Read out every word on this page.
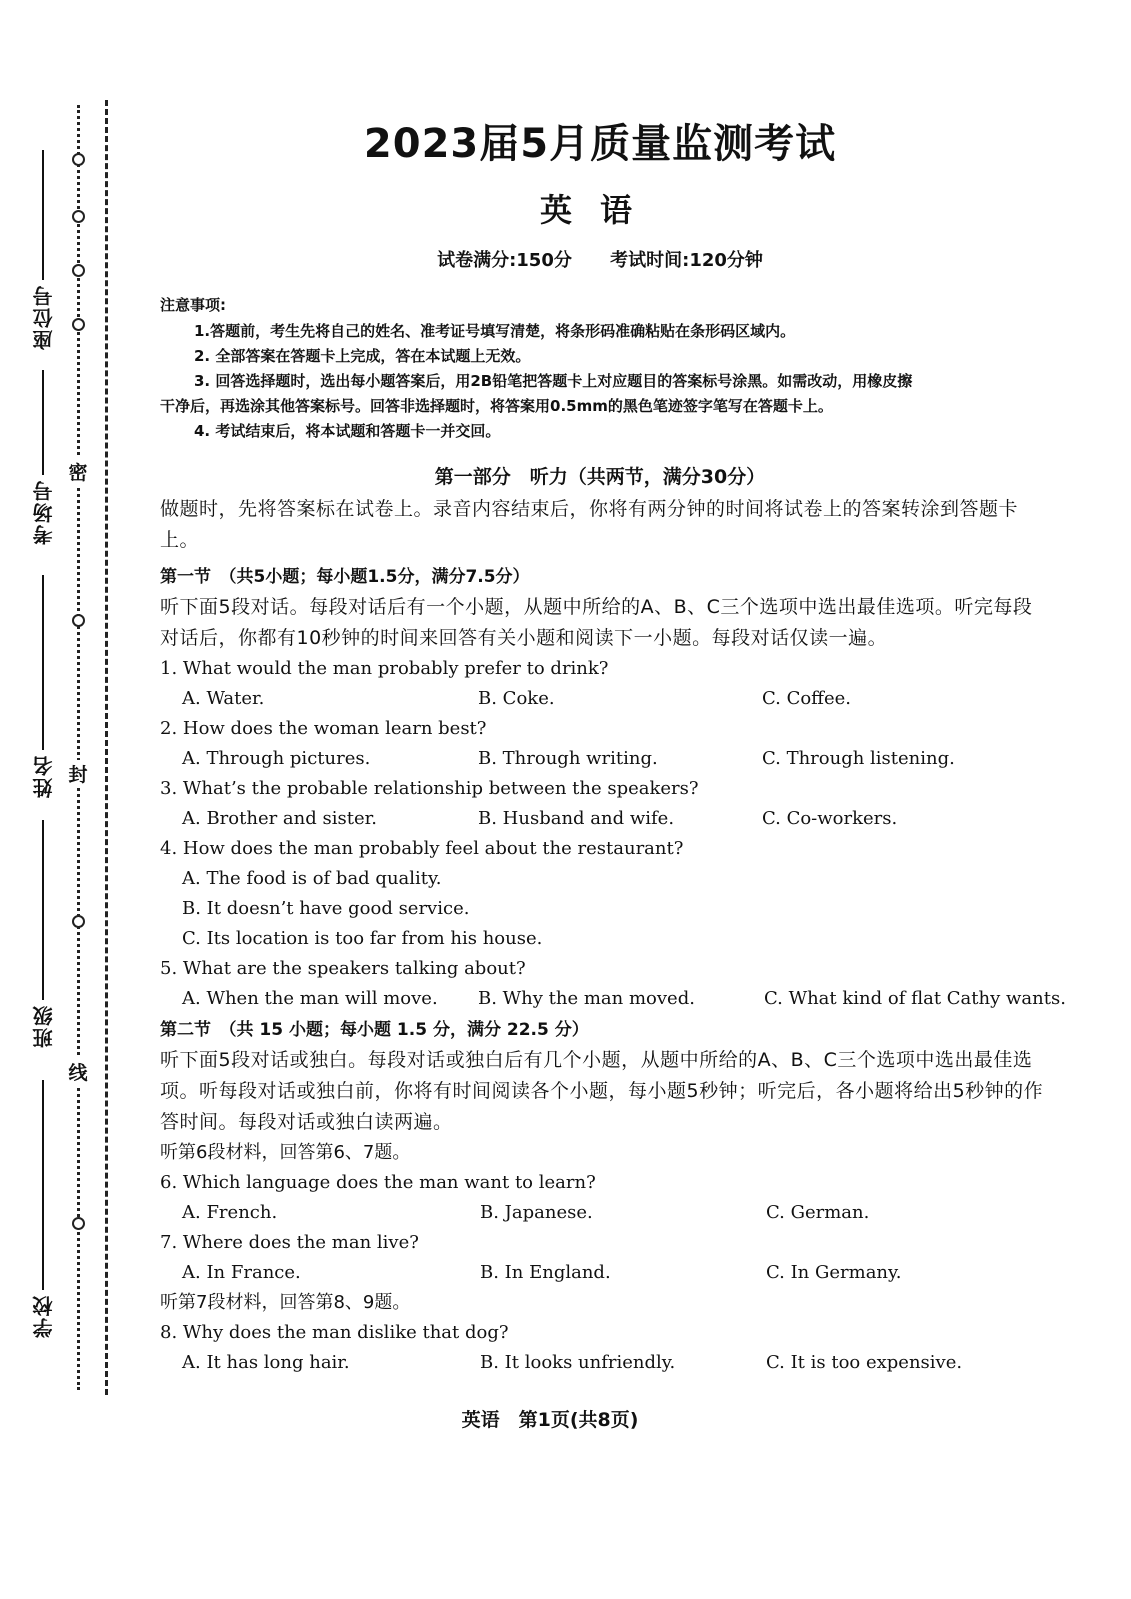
密
封
线
座位号
考场号
姓名
班级
学校
2023届5月质量监测考试
英语
试卷满分:150分 考试时间:120分钟
注意事项:
1.答题前，考生先将自己的姓名、准考证号填写清楚，将条形码准确粘贴在条形码区域内。
2. 全部答案在答题卡上完成，答在本试题上无效。
3. 回答选择题时，选出每小题答案后，用2B铅笔把答题卡上对应题目的答案标号涂黑。如需改动，用橡皮擦
干净后，再选涂其他答案标号。回答非选择题时，将答案用0.5mm的黑色笔迹签字笔写在答题卡上。
4. 考试结束后，将本试题和答题卡一并交回。
第一部分　听力（共两节，满分30分）
做题时，先将答案标在试卷上。录音内容结束后，你将有两分钟的时间将试卷上的答案转涂到答题卡上。
第一节　（共5小题；每小题1.5分，满分7.5分）
听下面5段对话。每段对话后有一个小题，从题中所给的A、B、C三个选项中选出最佳选项。听完每段对话后，你都有10秒钟的时间来回答有关小题和阅读下一小题。每段对话仅读一遍。
1. What would the man probably prefer to drink?
A. Water.	B. Coke.	C. Coffee.
2. How does the woman learn best?
A. Through pictures.	B. Through writing.	C. Through listening.
3. What’s the probable relationship between the speakers?
A. Brother and sister.	B. Husband and wife.	C. Co-workers.
4. How does the man probably feel about the restaurant?
A. The food is of bad quality.
B. It doesn’t have good service.
C. Its location is too far from his house.
5. What are the speakers talking about?
A. When the man will move. B. Why the man moved.	C. What kind of flat Cathy wants.
第二节　（共 15 小题；每小题 1.5 分，满分 22.5 分）
听下面5段对话或独白。每段对话或独白后有几个小题，从题中所给的A、B、C三个选项中选出最佳选项。听每段对话或独白前，你将有时间阅读各个小题，每小题5秒钟；听完后，各小题将给出5秒钟的作答时间。每段对话或独白读两遍。
听第6段材料，回答第6、7题。
6. Which language does the man want to learn?
A. French.	B. Japanese.	C. German.
7. Where does the man live?
A. In France.	B. In England.	C. In Germany.
听第7段材料，回答第8、9题。
8. Why does the man dislike that dog?
A. It has long hair.	B. It looks unfriendly.	C. It is too expensive.
英语　第1页(共8页)
